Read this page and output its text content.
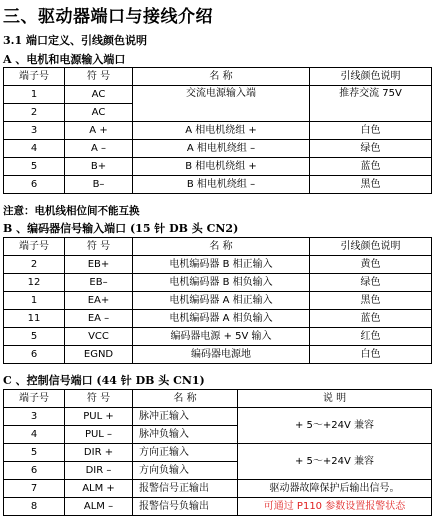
三、驱动器端口与接线介绍
3.1 端口定义、引线颜色说明
A 、电机和电源输入端口
端子号	符 号	名 称	引线颜色说明
1	AC	交流电源输入端	推荐交流 75V
2	AC		
3	A +	A 相电机绕组 +	白色
4	A –	A 相电机绕组 –	绿色
5	B+	B 相电机绕组 +	蓝色
6	B–	B 相电机绕组 –	黑色
注意：电机线相位间不能互换
B 、编码器信号输入端口 (15 针 DB 头 CN2)
端子号	符 号	名 称	引线颜色说明
2	EB+	电机编码器 B 相正输入	黄色
12	EB–	电机编码器 B 相负输入	绿色
1	EA+	电机编码器 A 相正输入	黑色
11	EA –	电机编码器 A 相负输入	蓝色
5	VCC	编码器电源 + 5V 输入	红色
6	EGND	编码器电源地	白色
C 、控制信号端口 (44 针 DB 头 CN1)
端子号	符 号	名 称	说 明
3	PUL +	脉冲正输入	+ 5～+24V 兼容
4	PUL –	脉冲负输入	
5	DIR +	方向正输入	+ 5～+24V 兼容
6	DIR –	方向负输入	
7	ALM +	报警信号正输出	驱动器故障保护后输出信号。
8	ALM –	报警信号负输出	可通过 P110 参数设置报警状态
